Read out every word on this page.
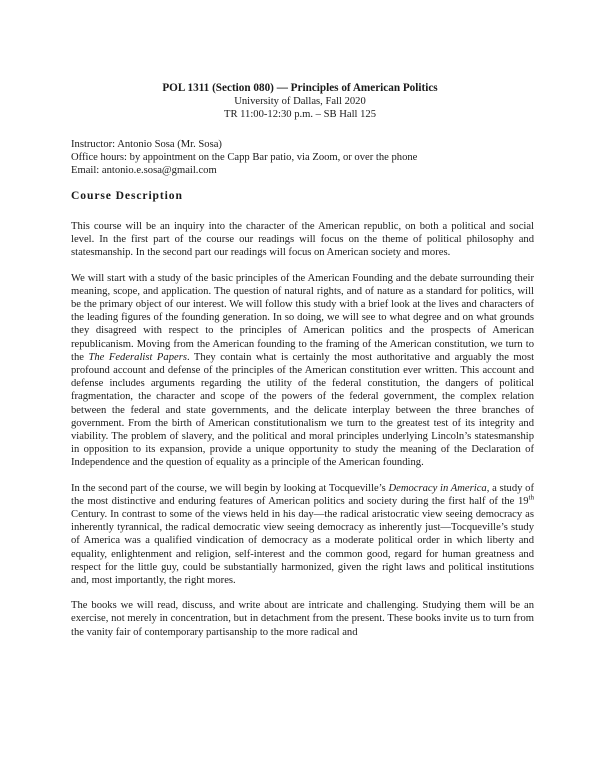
POL 1311 (Section 080) — Principles of American Politics
University of Dallas, Fall 2020
TR 11:00-12:30 p.m. – SB Hall 125
Instructor: Antonio Sosa (Mr. Sosa)
Office hours: by appointment on the Capp Bar patio, via Zoom, or over the phone
Email: antonio.e.sosa@gmail.com
Course Description

This course will be an inquiry into the character of the American republic, on both a political and social level. In the first part of the course our readings will focus on the theme of political philosophy and statesmanship. In the second part our readings will focus on American society and mores.

We will start with a study of the basic principles of the American Founding and the debate surrounding their meaning, scope, and application. The question of natural rights, and of nature as a standard for politics, will be the primary object of our interest. We will follow this study with a brief look at the lives and characters of the leading figures of the founding generation. In so doing, we will see to what degree and on what grounds they disagreed with respect to the principles of American politics and the prospects of American republicanism. Moving from the American founding to the framing of the American constitution, we turn to the The Federalist Papers. They contain what is certainly the most authoritative and arguably the most profound account and defense of the principles of the American constitution ever written. This account and defense includes arguments regarding the utility of the federal constitution, the dangers of political fragmentation, the character and scope of the powers of the federal government, the complex relation between the federal and state governments, and the delicate interplay between the three branches of government. From the birth of American constitutionalism we turn to the greatest test of its integrity and viability. The problem of slavery, and the political and moral principles underlying Lincoln’s statesmanship in opposition to its expansion, provide a unique opportunity to study the meaning of the Declaration of Independence and the question of equality as a principle of the American founding.

In the second part of the course, we will begin by looking at Tocqueville’s Democracy in America, a study of the most distinctive and enduring features of American politics and society during the first half of the 19th Century. In contrast to some of the views held in his day—the radical aristocratic view seeing democracy as inherently tyrannical, the radical democratic view seeing democracy as inherently just—Tocqueville’s study of America was a qualified vindication of democracy as a moderate political order in which liberty and equality, enlightenment and religion, self-interest and the common good, regard for human greatness and respect for the little guy, could be substantially harmonized, given the right laws and political institutions and, most importantly, the right mores.

The books we will read, discuss, and write about are intricate and challenging. Studying them will be an exercise, not merely in concentration, but in detachment from the present. These books invite us to turn from the vanity fair of contemporary partisanship to the more radical and
